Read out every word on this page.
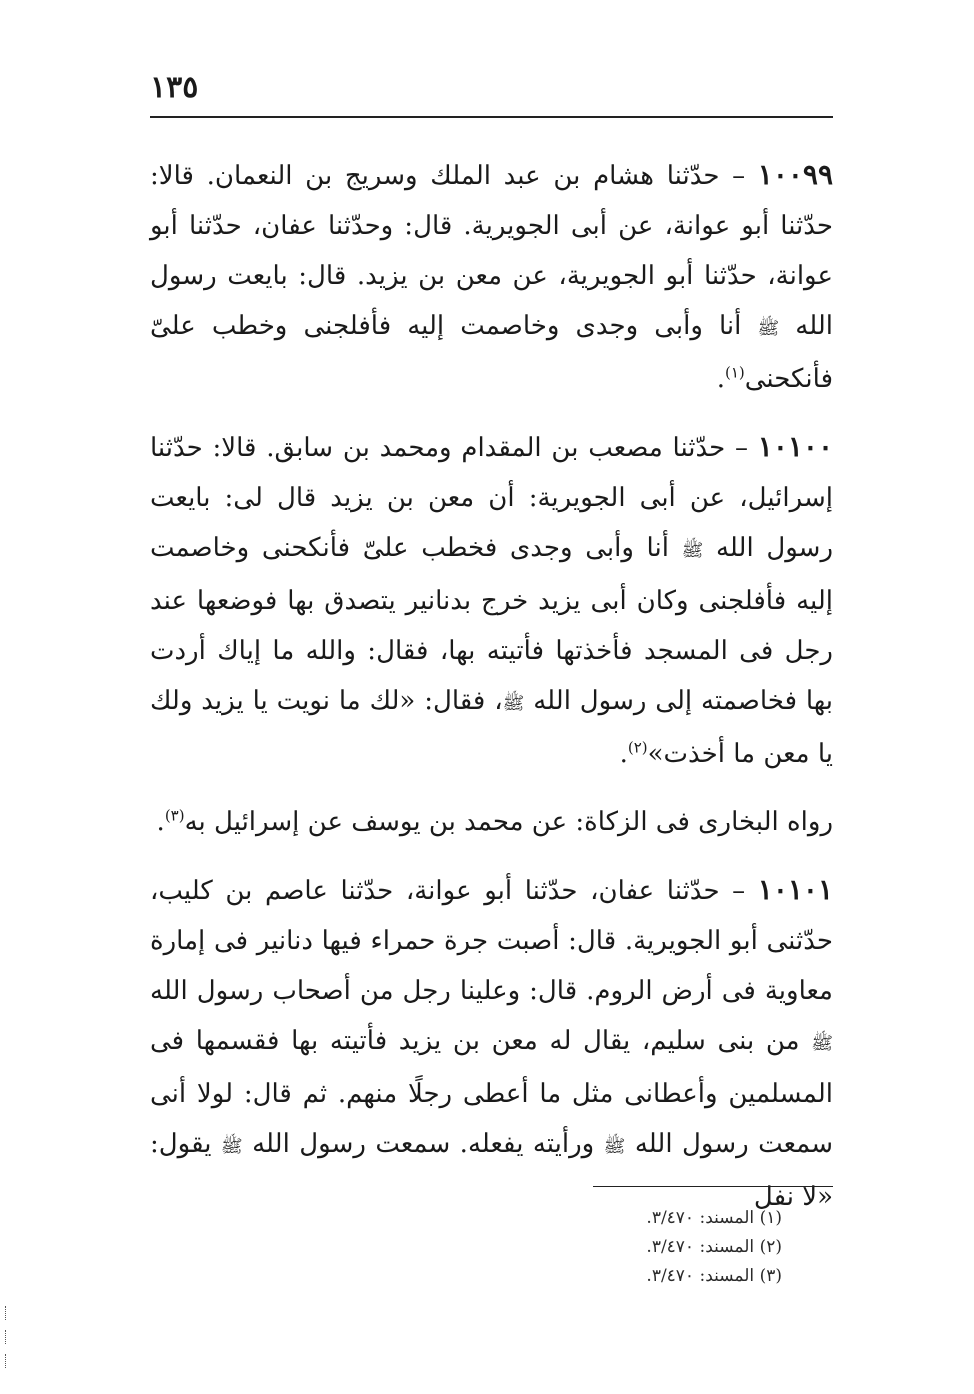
١٣٥

١٠٠٩٩ – حدّثنا هشام بن عبد الملك وسريج بن النعمان. قالا: حدّثنا أبو عوانة، عن أبى الجويرية. قال: وحدّثنا عفان، حدّثنا أبو عوانة، حدّثنا أبو الجويرية، عن معن بن يزيد. قال: بايعت رسول الله ﷺ أنا وأبى وجدى وخاصمت إليه فأفلجنى وخطب علىّ فأنكحنى$^{(١)}$.

١٠١٠٠ – حدّثنا مصعب بن المقدام ومحمد بن سابق. قالا: حدّثنا إسرائيل، عن أبى الجويرية: أن معن بن يزيد قال لى: بايعت رسول الله ﷺ أنا وأبى وجدى فخطب علىّ فأنكحنى وخاصمت إليه فأفلجنى وكان أبى يزيد خرج بدنانير يتصدق بها فوضعها عند رجل فى المسجد فأخذتها فأتيته بها، فقال: والله ما إياك أردت بها فخاصمته إلى رسول الله ﷺ، فقال: «لك ما نويت يا يزيد ولك يا معن ما أخذت»$^{(٢)}$.

رواه البخارى فى الزكاة: عن محمد بن يوسف عن إسرائيل به$^{(٣)}$.

١٠١٠١ – حدّثنا عفان، حدّثنا أبو عوانة، حدّثنا عاصم بن كليب، حدّثنى أبو الجويرية. قال: أصبت جرة حمراء فيها دنانير فى إمارة معاوية فى أرض الروم. قال: وعلينا رجل من أصحاب رسول الله ﷺ من بنى سليم، يقال له معن بن يزيد فأتيته بها فقسمها فى المسلمين وأعطانى مثل ما أعطى رجلًا منهم. ثم قال: لولا أنى سمعت رسول الله ﷺ ورأيته يفعله. سمعت رسول الله ﷺ يقول: «لا نفل

(١) المسند: ٣/٤٧٠.

(٢) المسند: ٣/٤٧٠.

(٣) المسند: ٣/٤٧٠.
